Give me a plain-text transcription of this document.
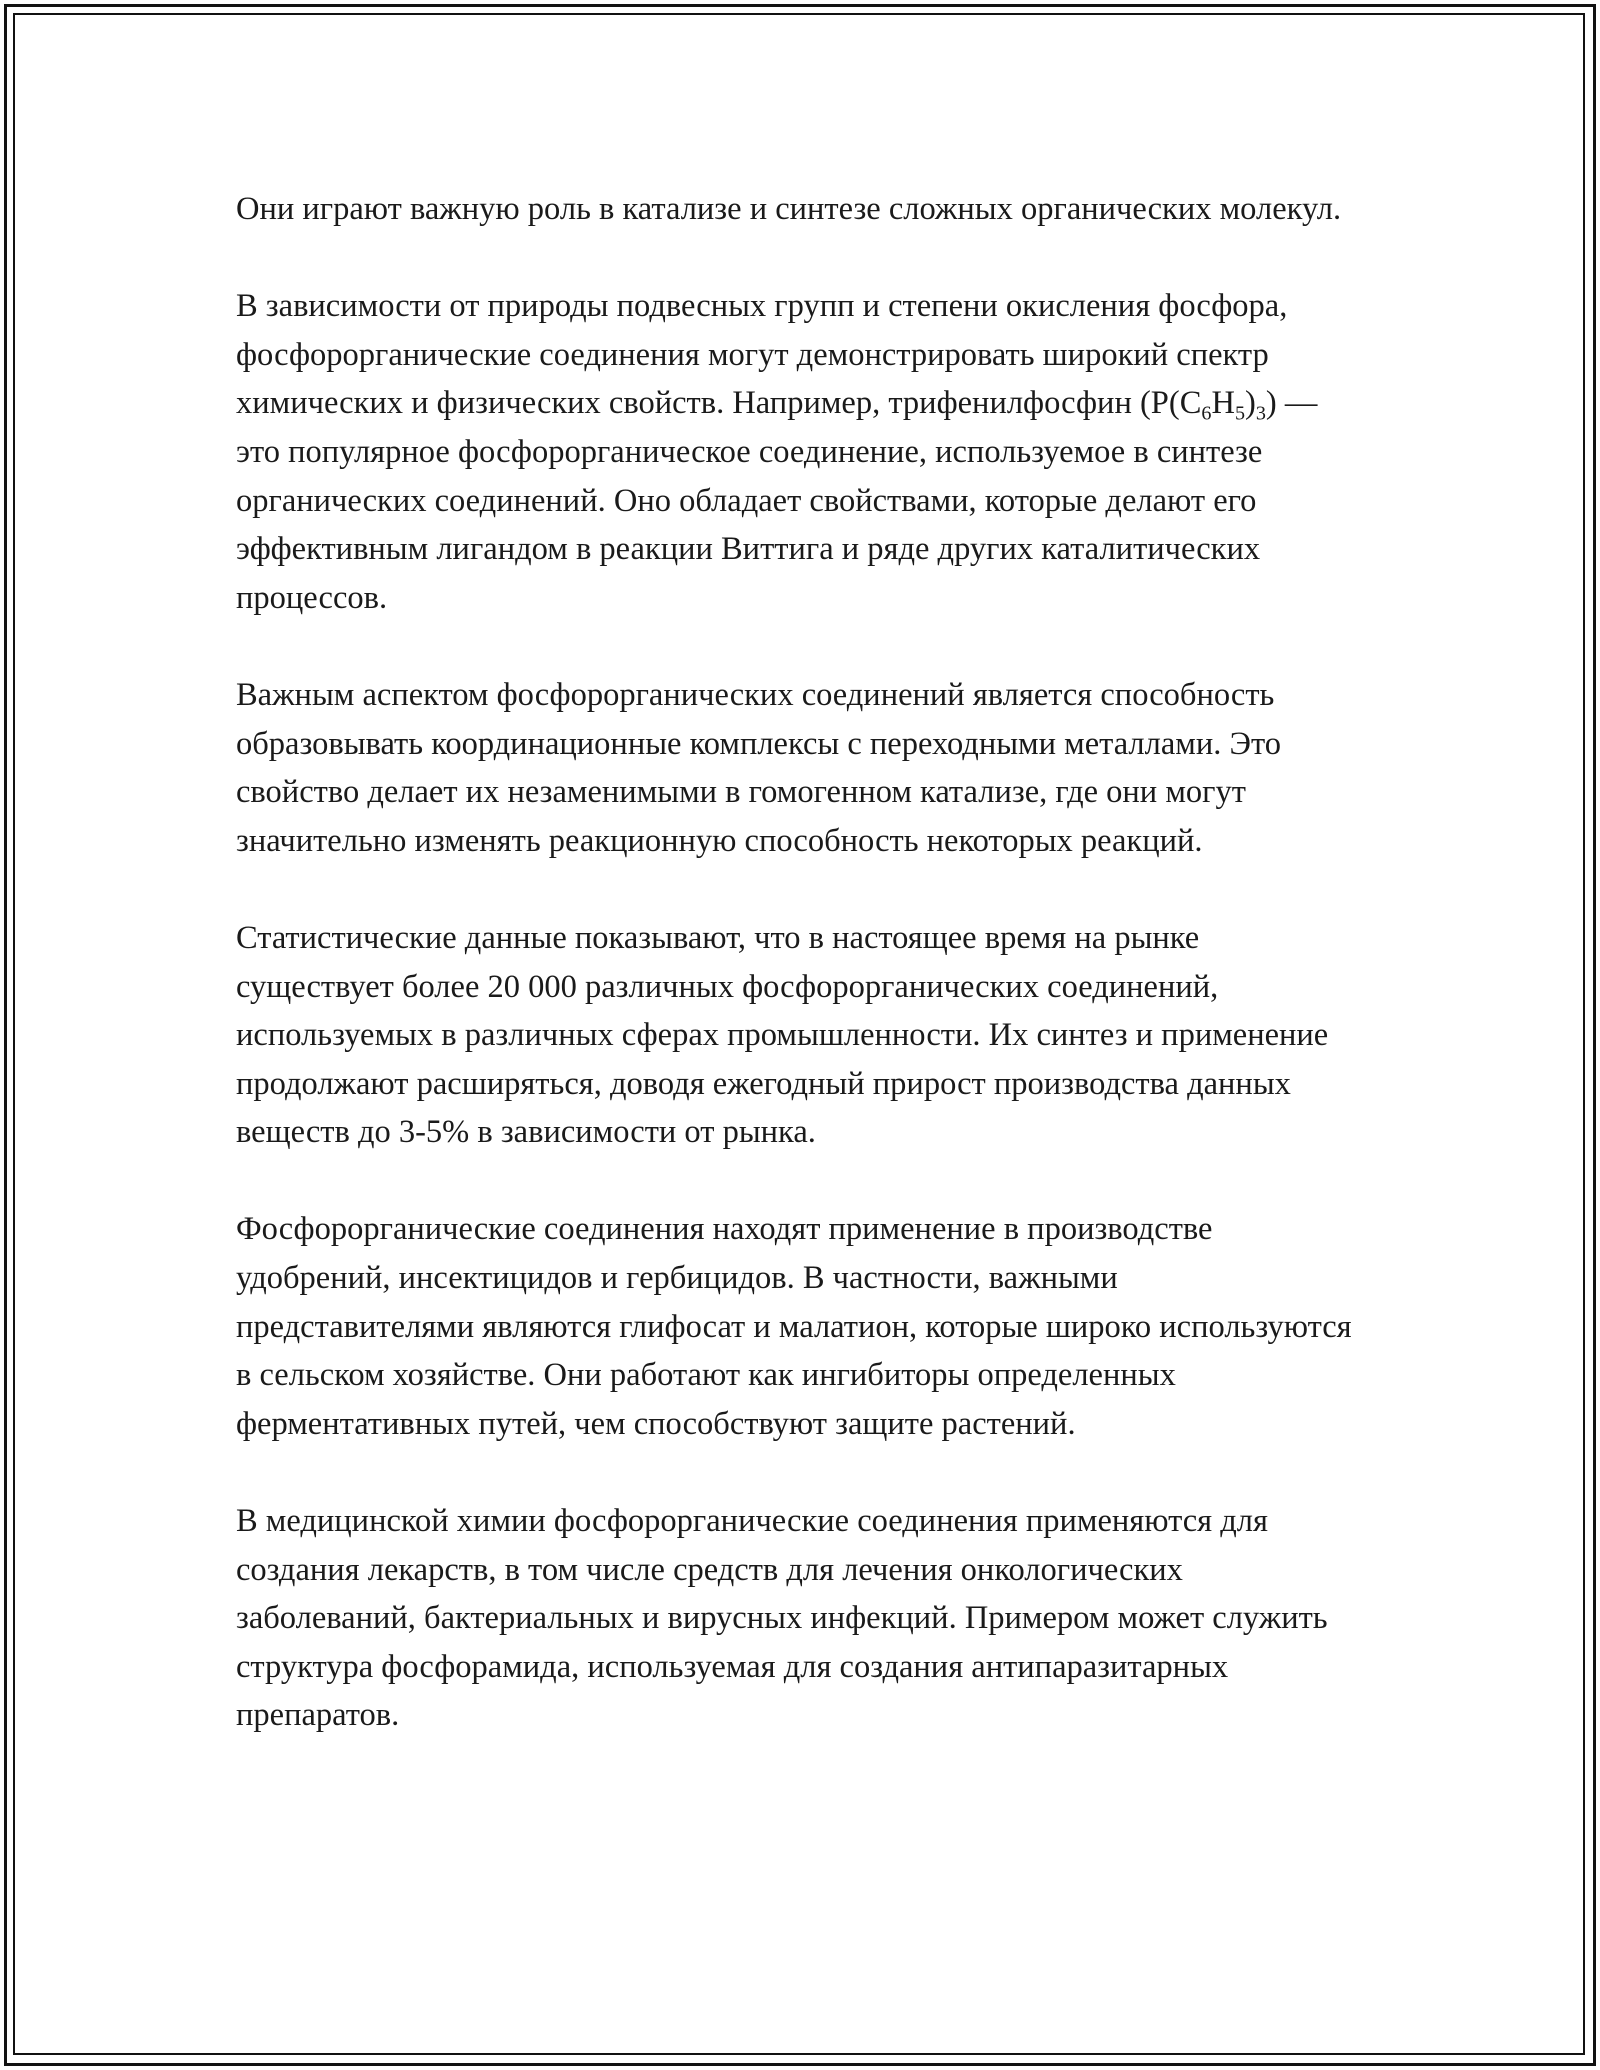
Они играют важную роль в катализе и синтезе сложных органических молекул.

В зависимости от природы подвесных групп и степени окисления фосфора, фосфорорганические соединения могут демонстрировать широкий спектр химических и физических свойств. Например, трифенилфосфин $(P(C_6H_5)_3)$ — это популярное фосфорорганическое соединение, используемое в синтезе органических соединений. Оно обладает свойствами, которые делают его эффективным лигандом в реакции Виттига и ряде других каталитических процессов.

Важным аспектом фосфорорганических соединений является способность образовывать координационные комплексы с переходными металлами. Это свойство делает их незаменимыми в гомогенном катализе, где они могут значительно изменять реакционную способность некоторых реакций.

Статистические данные показывают, что в настоящее время на рынке существует более 20 000 различных фосфорорганических соединений, используемых в различных сферах промышленности. Их синтез и применение продолжают расширяться, доводя ежегодный прирост производства данных веществ до 3-5% в зависимости от рынка.

Фосфорорганические соединения находят применение в производстве удобрений, инсектицидов и гербицидов. В частности, важными представителями являются глифосат и малатион, которые широко используются в сельском хозяйстве. Они работают как ингибиторы определенных ферментативных путей, чем способствуют защите растений.

В медицинской химии фосфорорганические соединения применяются для создания лекарств, в том числе средств для лечения онкологических заболеваний, бактериальных и вирусных инфекций. Примером может служить структура фосфорамида, используемая для создания антипаразитарных препаратов.
